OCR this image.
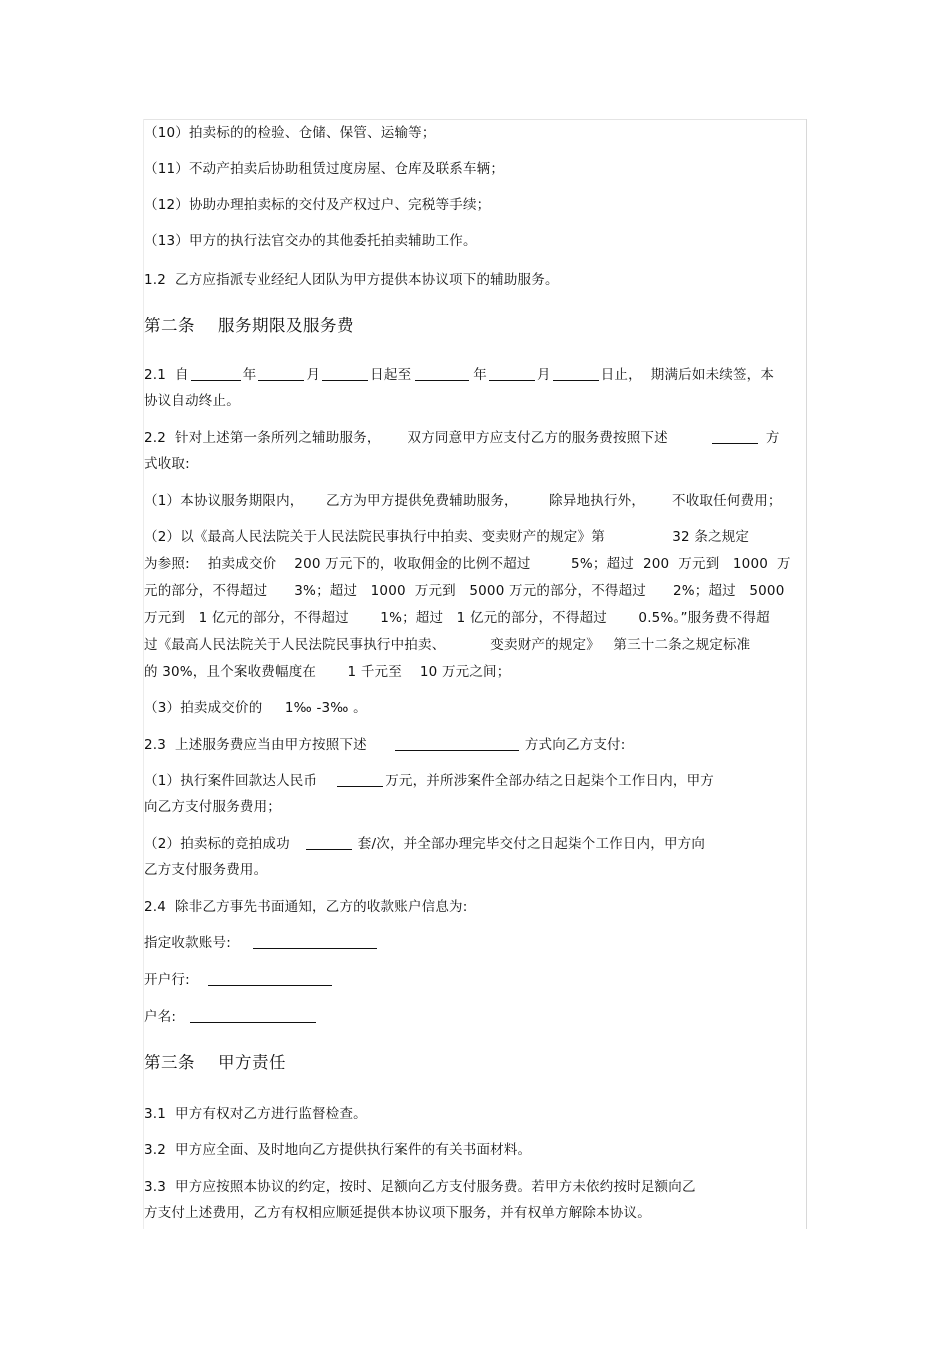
（10）拍卖标的的检验、仓储、保管、运输等；
（11）不动产拍卖后协助租赁过度房屋、仓库及联系车辆；
（12）协助办理拍卖标的交付及产权过户、完税等手续；
（13）甲方的执行法官交办的其他委托拍卖辅助工作。
1.2  乙方应指派专业经纪人团队为甲方提供本协议项下的辅助服务。
第二条    服务期限及服务费
2.1  自	年	月	日起至	年	月	日止，  期满后如未续签，本
协议自动终止。
2.2  针对上述第一条所列之辅助服务，      双方同意甲方应支付乙方的服务费按照下述	方
式收取:
（1）本协议服务期限内，     乙方为甲方提供免费辅助服务，       除异地执行外，      不收取任何费用；
（2）以《最高人民法院关于人民法院民事执行中拍卖、变卖财产的规定》第               32 条之规定
为参照:    拍卖成交价    200 万元下的，收取佣金的比例不超过         5%；超过  200  万元到   1000  万
元的部分，不得超过      3%；超过   1000  万元到   5000 万元的部分，不得超过      2%；超过   5000
万元到   1 亿元的部分，不得超过       1%；超过   1 亿元的部分，不得超过       0.5%。”服务费不得超
过《最高人民法院关于人民法院民事执行中拍卖、          变卖财产的规定》   第三十二条之规定标准
的 30%，且个案收费幅度在       1 千元至    10 万元之间；
（3）拍卖成交价的     1‰ -3‰ 。
2.3  上述服务费应当由甲方按照下述	方式向乙方支付:
（1）执行案件回款达人民币	万元，并所涉案件全部办结之日起柒个工作日内，甲方
向乙方支付服务费用；
（2）拍卖标的竞拍成功	套/次，并全部办理完毕交付之日起柒个工作日内，甲方向
乙方支付服务费用。
2.4  除非乙方事先书面通知，乙方的收款账户信息为:
指定收款账号:
开户行:
户名:
第三条    甲方责任
3.1  甲方有权对乙方进行监督检查。
3.2  甲方应全面、及时地向乙方提供执行案件的有关书面材料。
3.3  甲方应按照本协议的约定，按时、足额向乙方支付服务费。若甲方未依约按时足额向乙
方支付上述费用，乙方有权相应顺延提供本协议项下服务，并有权单方解除本协议。
